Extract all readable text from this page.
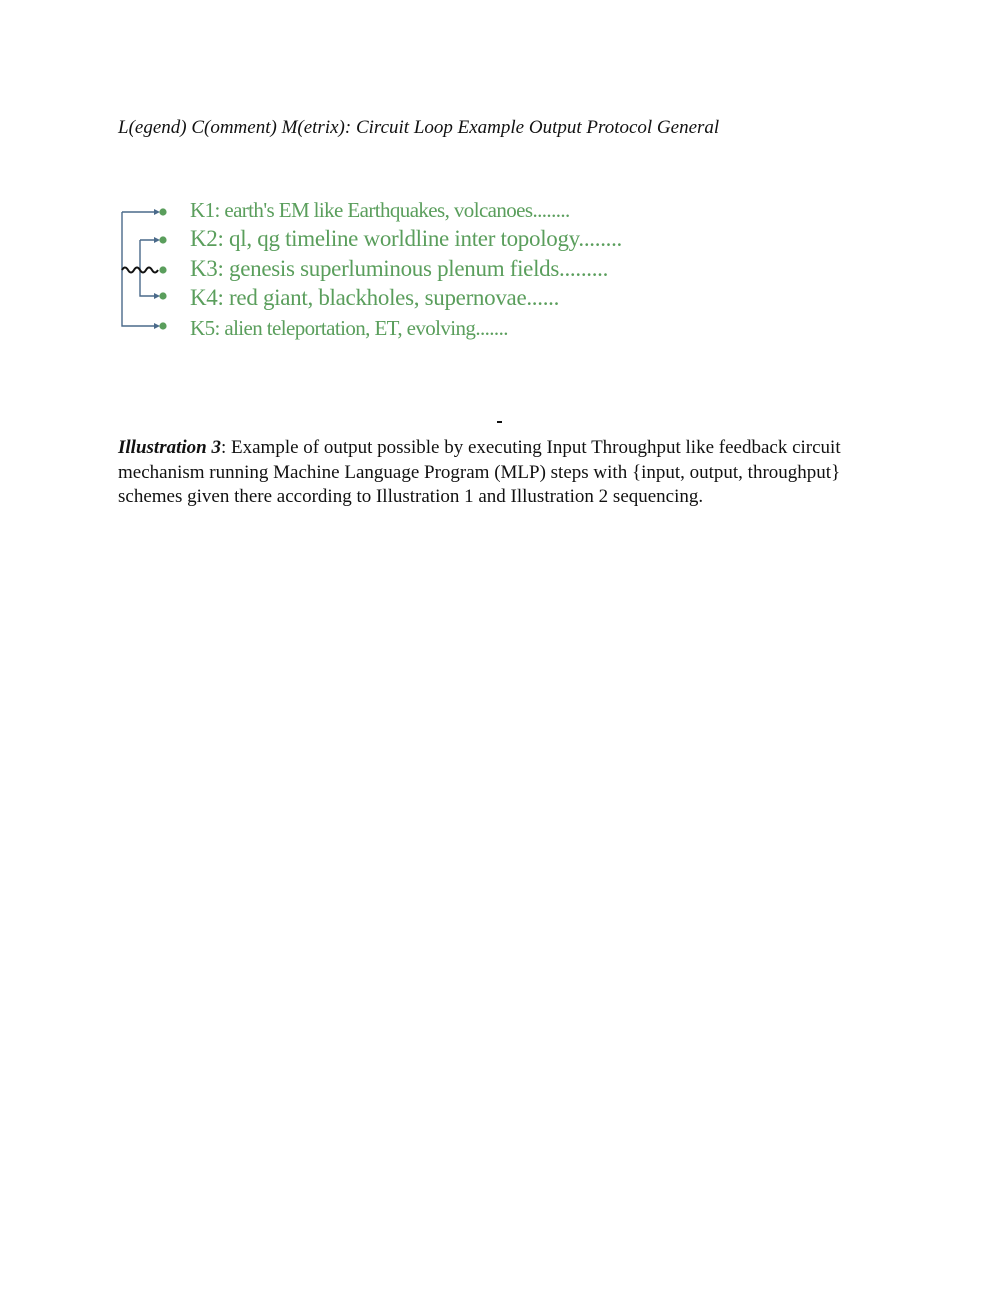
L(egend) C(omment) M(etrix): Circuit Loop Example Output Protocol General
K1: earth's EM like Earthquakes, volcanoes........
K2: ql, qg timeline worldline inter topology........
K3: genesis superluminous plenum fields.........
K4: red giant, blackholes, supernovae......
K5: alien teleportation, ET, evolving.......
Illustration 3: Example of output possible by executing Input Throughput like feedback circuit mechanism running Machine Language Program (MLP) steps with {input, output, throughput} schemes given there according to Illustration 1 and Illustration 2 sequencing.
